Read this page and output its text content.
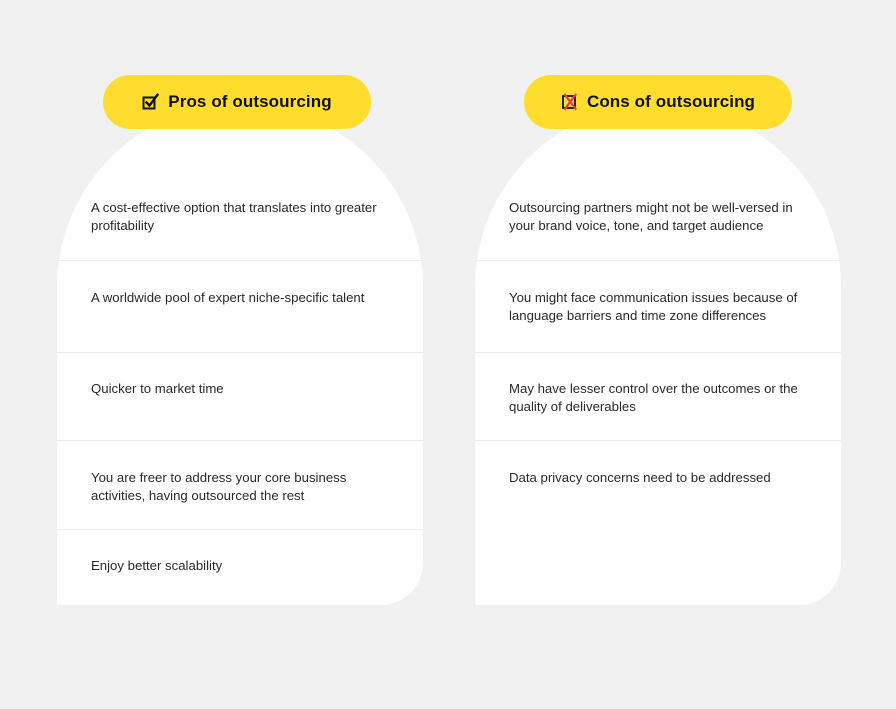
A cost-effective option that translates into greater profitability
A worldwide pool of expert niche-specific talent
Quicker to market time
You are freer to address your core business activities, having outsourced the rest
Enjoy better scalability
Outsourcing partners might not be well-versed in your brand voice, tone, and target audience
You might face communication issues because of language barriers and time zone differences
May have lesser control over the outcomes or the quality of deliverables
Data privacy concerns need to be addressed
Pros of outsourcing	Cons of outsourcing
